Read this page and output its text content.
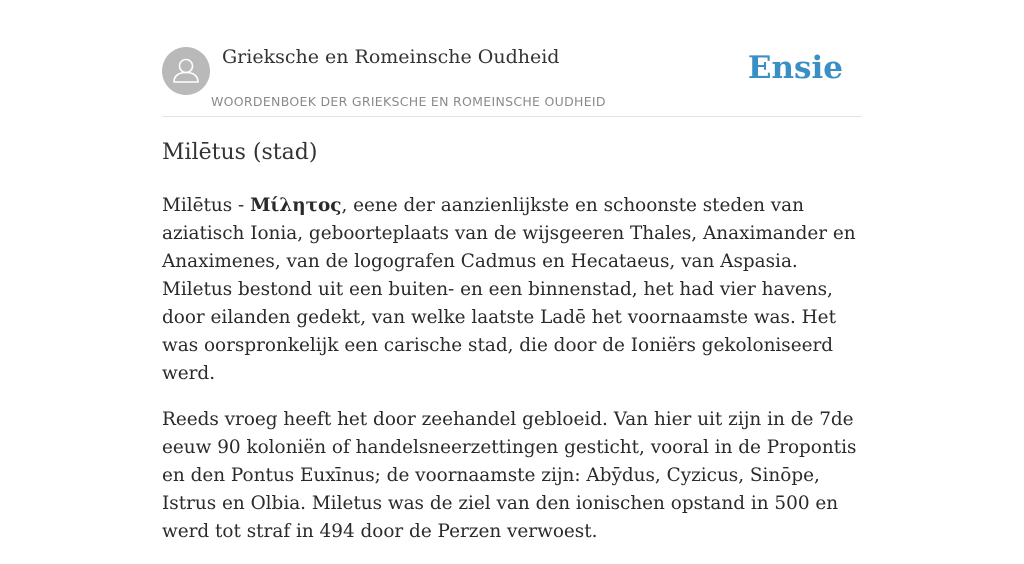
Grieksche en Romeinsche Oudheid
WOORDENBOEK DER GRIEKSCHE EN ROMEINSCHE OUDHEID
Ensie
Milētus (stad)

Milētus - Μίλητος, eene der aanzienlijkste en schoonste steden van aziatisch Ionia, geboorteplaats van de wijsgeeren Thales, Anaximander en Anaximenes, van de logografen Cadmus en Hecataeus, van Aspasia. Miletus bestond uit een buiten- en een binnenstad, het had vier havens, door eilanden gedekt, van welke laatste Ladē het voornaamste was. Het was oorspronkelijk een carische stad, die door de Ioniërs gekoloniseerd werd.

Reeds vroeg heeft het door zeehandel gebloeid. Van hier uit zijn in de 7de eeuw 90 koloniën of handelsneerzettingen gesticht, vooral in de Propontis en den Pontus Euxīnus; de voornaamste zijn: Abȳdus, Cyzicus, Sinōpe, Istrus en Olbia. Miletus was de ziel van den ionischen opstand in 500 en werd tot straf in 494 door de Perzen verwoest.
